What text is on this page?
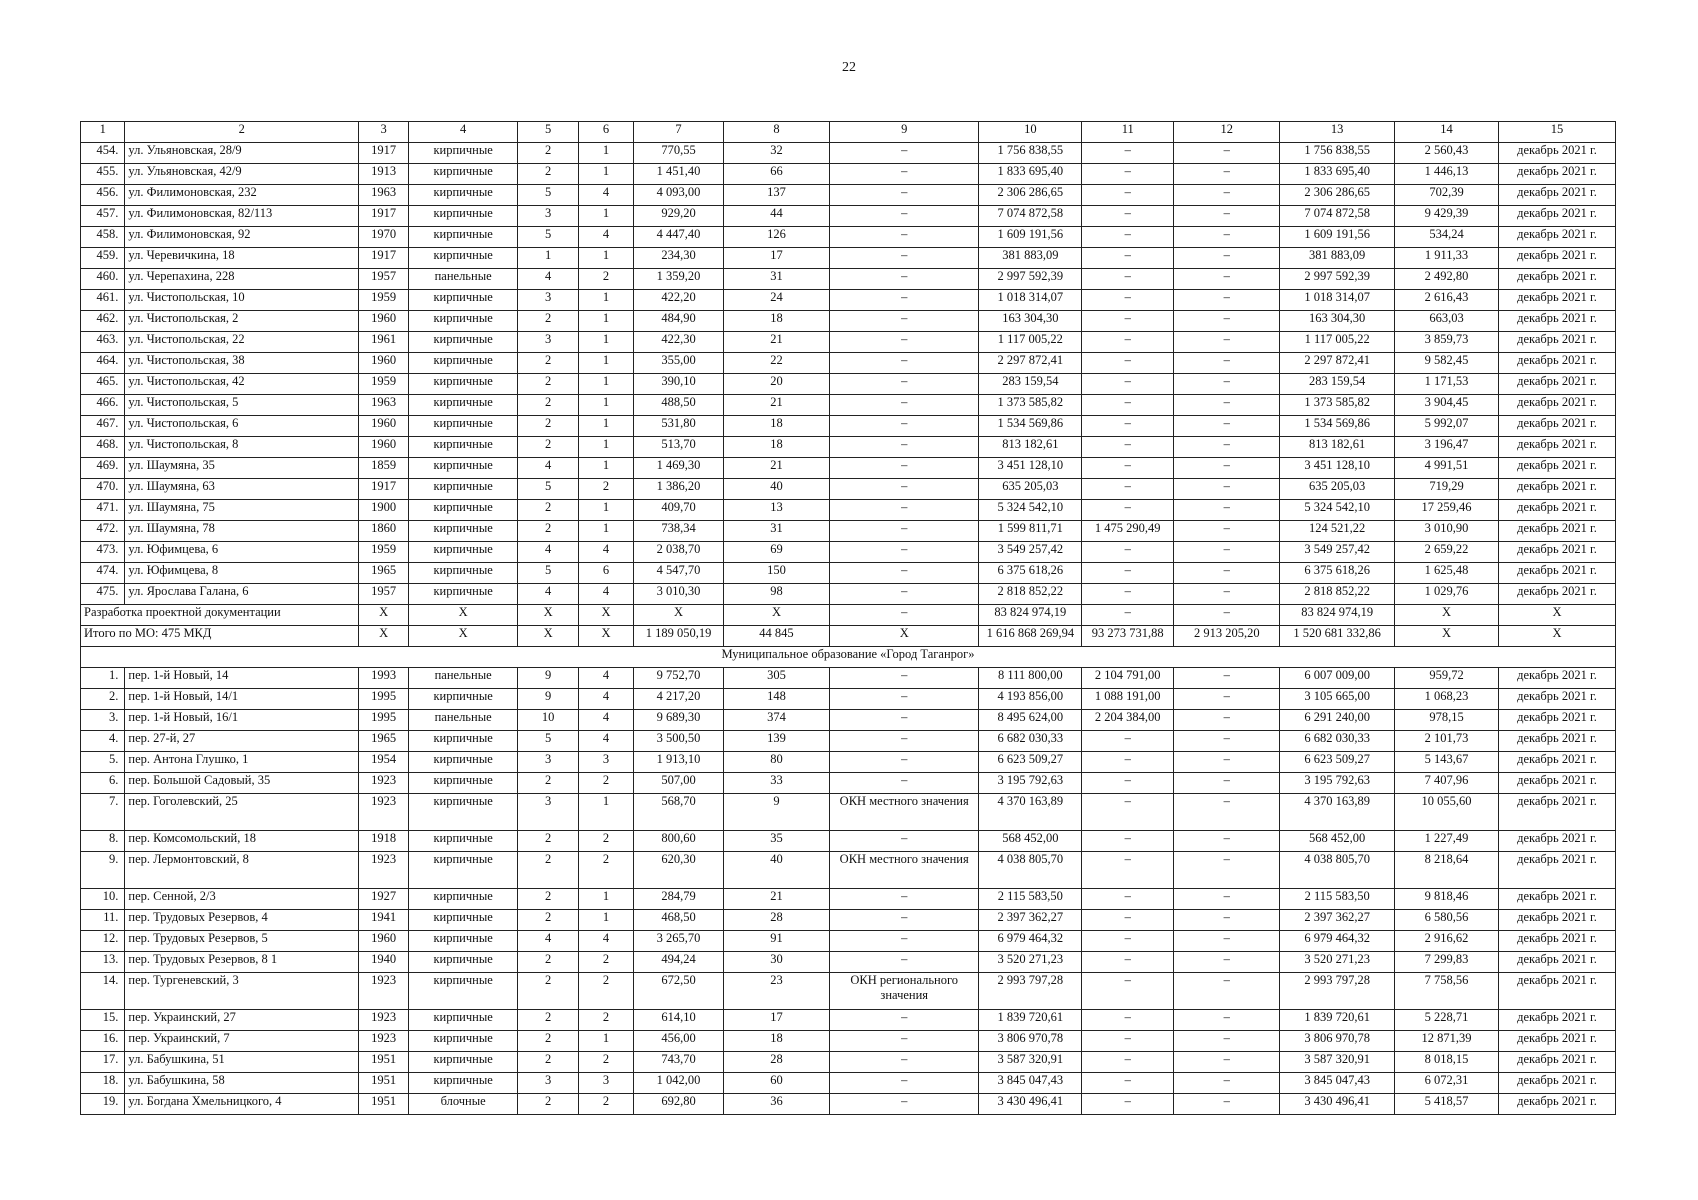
22
1	2	3	4	5	6	7	8	9	10	11	12	13	14	15
454.	ул. Ульяновская, 28/9	1917	кирпичные	2	1	770,55	32	–	1 756 838,55	–	–	1 756 838,55	2 560,43	декабрь 2021 г.
455.	ул. Ульяновская, 42/9	1913	кирпичные	2	1	1 451,40	66	–	1 833 695,40	–	–	1 833 695,40	1 446,13	декабрь 2021 г.
456.	ул. Филимоновская, 232	1963	кирпичные	5	4	4 093,00	137	–	2 306 286,65	–	–	2 306 286,65	702,39	декабрь 2021 г.
457.	ул. Филимоновская, 82/113	1917	кирпичные	3	1	929,20	44	–	7 074 872,58	–	–	7 074 872,58	9 429,39	декабрь 2021 г.
458.	ул. Филимоновская, 92	1970	кирпичные	5	4	4 447,40	126	–	1 609 191,56	–	–	1 609 191,56	534,24	декабрь 2021 г.
459.	ул. Черевичкина, 18	1917	кирпичные	1	1	234,30	17	–	381 883,09	–	–	381 883,09	1 911,33	декабрь 2021 г.
460.	ул. Черепахина, 228	1957	панельные	4	2	1 359,20	31	–	2 997 592,39	–	–	2 997 592,39	2 492,80	декабрь 2021 г.
461.	ул. Чистопольская, 10	1959	кирпичные	3	1	422,20	24	–	1 018 314,07	–	–	1 018 314,07	2 616,43	декабрь 2021 г.
462.	ул. Чистопольская, 2	1960	кирпичные	2	1	484,90	18	–	163 304,30	–	–	163 304,30	663,03	декабрь 2021 г.
463.	ул. Чистопольская, 22	1961	кирпичные	3	1	422,30	21	–	1 117 005,22	–	–	1 117 005,22	3 859,73	декабрь 2021 г.
464.	ул. Чистопольская, 38	1960	кирпичные	2	1	355,00	22	–	2 297 872,41	–	–	2 297 872,41	9 582,45	декабрь 2021 г.
465.	ул. Чистопольская, 42	1959	кирпичные	2	1	390,10	20	–	283 159,54	–	–	283 159,54	1 171,53	декабрь 2021 г.
466.	ул. Чистопольская, 5	1963	кирпичные	2	1	488,50	21	–	1 373 585,82	–	–	1 373 585,82	3 904,45	декабрь 2021 г.
467.	ул. Чистопольская, 6	1960	кирпичные	2	1	531,80	18	–	1 534 569,86	–	–	1 534 569,86	5 992,07	декабрь 2021 г.
468.	ул. Чистопольская, 8	1960	кирпичные	2	1	513,70	18	–	813 182,61	–	–	813 182,61	3 196,47	декабрь 2021 г.
469.	ул. Шаумяна, 35	1859	кирпичные	4	1	1 469,30	21	–	3 451 128,10	–	–	3 451 128,10	4 991,51	декабрь 2021 г.
470.	ул. Шаумяна, 63	1917	кирпичные	5	2	1 386,20	40	–	635 205,03	–	–	635 205,03	719,29	декабрь 2021 г.
471.	ул. Шаумяна, 75	1900	кирпичные	2	1	409,70	13	–	5 324 542,10	–	–	5 324 542,10	17 259,46	декабрь 2021 г.
472.	ул. Шаумяна, 78	1860	кирпичные	2	1	738,34	31	–	1 599 811,71	1 475 290,49	–	124 521,22	3 010,90	декабрь 2021 г.
473.	ул. Юфимцева, 6	1959	кирпичные	4	4	2 038,70	69	–	3 549 257,42	–	–	3 549 257,42	2 659,22	декабрь 2021 г.
474.	ул. Юфимцева, 8	1965	кирпичные	5	6	4 547,70	150	–	6 375 618,26	–	–	6 375 618,26	1 625,48	декабрь 2021 г.
475.	ул. Ярослава Галана, 6	1957	кирпичные	4	4	3 010,30	98	–	2 818 852,22	–	–	2 818 852,22	1 029,76	декабрь 2021 г.
Разработка проектной документации		X	X	X	X	X	X	–	83 824 974,19	–	–	83 824 974,19	X	X
Итого по МО: 475 МКД		X	X	X	X	1 189 050,19	44 845	X	1 616 868 269,94	93 273 731,88	2 913 205,20	1 520 681 332,86	X	X
Муниципальное образование «Город Таганрог»														
1.	пер. 1-й Новый, 14	1993	панельные	9	4	9 752,70	305	–	8 111 800,00	2 104 791,00	–	6 007 009,00	959,72	декабрь 2021 г.
2.	пер. 1-й Новый, 14/1	1995	кирпичные	9	4	4 217,20	148	–	4 193 856,00	1 088 191,00	–	3 105 665,00	1 068,23	декабрь 2021 г.
3.	пер. 1-й Новый, 16/1	1995	панельные	10	4	9 689,30	374	–	8 495 624,00	2 204 384,00	–	6 291 240,00	978,15	декабрь 2021 г.
4.	пер. 27-й, 27	1965	кирпичные	5	4	3 500,50	139	–	6 682 030,33	–	–	6 682 030,33	2 101,73	декабрь 2021 г.
5.	пер. Антона Глушко, 1	1954	кирпичные	3	3	1 913,10	80	–	6 623 509,27	–	–	6 623 509,27	5 143,67	декабрь 2021 г.
6.	пер. Большой Садовый, 35	1923	кирпичные	2	2	507,00	33	–	3 195 792,63	–	–	3 195 792,63	7 407,96	декабрь 2021 г.
7.	пер. Гоголевский, 25	1923	кирпичные	3	1	568,70	9	ОКН местного значения	4 370 163,89	–	–	4 370 163,89	10 055,60	декабрь 2021 г.
8.	пер. Комсомольский, 18	1918	кирпичные	2	2	800,60	35	–	568 452,00	–	–	568 452,00	1 227,49	декабрь 2021 г.
9.	пер. Лермонтовский, 8	1923	кирпичные	2	2	620,30	40	ОКН местного значения	4 038 805,70	–	–	4 038 805,70	8 218,64	декабрь 2021 г.
10.	пер. Сенной, 2/3	1927	кирпичные	2	1	284,79	21	–	2 115 583,50	–	–	2 115 583,50	9 818,46	декабрь 2021 г.
11.	пер. Трудовых Резервов, 4	1941	кирпичные	2	1	468,50	28	–	2 397 362,27	–	–	2 397 362,27	6 580,56	декабрь 2021 г.
12.	пер. Трудовых Резервов, 5	1960	кирпичные	4	4	3 265,70	91	–	6 979 464,32	–	–	6 979 464,32	2 916,62	декабрь 2021 г.
13.	пер. Трудовых Резервов, 8 1	1940	кирпичные	2	2	494,24	30	–	3 520 271,23	–	–	3 520 271,23	7 299,83	декабрь 2021 г.
14.	пер. Тургеневский, 3	1923	кирпичные	2	2	672,50	23	ОКН регионального значения	2 993 797,28	–	–	2 993 797,28	7 758,56	декабрь 2021 г.
15.	пер. Украинский, 27	1923	кирпичные	2	2	614,10	17	–	1 839 720,61	–	–	1 839 720,61	5 228,71	декабрь 2021 г.
16.	пер. Украинский, 7	1923	кирпичные	2	1	456,00	18	–	3 806 970,78	–	–	3 806 970,78	12 871,39	декабрь 2021 г.
17.	ул. Бабушкина, 51	1951	кирпичные	2	2	743,70	28	–	3 587 320,91	–	–	3 587 320,91	8 018,15	декабрь 2021 г.
18.	ул. Бабушкина, 58	1951	кирпичные	3	3	1 042,00	60	–	3 845 047,43	–	–	3 845 047,43	6 072,31	декабрь 2021 г.
19.	ул. Богдана Хмельницкого, 4	1951	блочные	2	2	692,80	36	–	3 430 496,41	–	–	3 430 496,41	5 418,57	декабрь 2021 г.
